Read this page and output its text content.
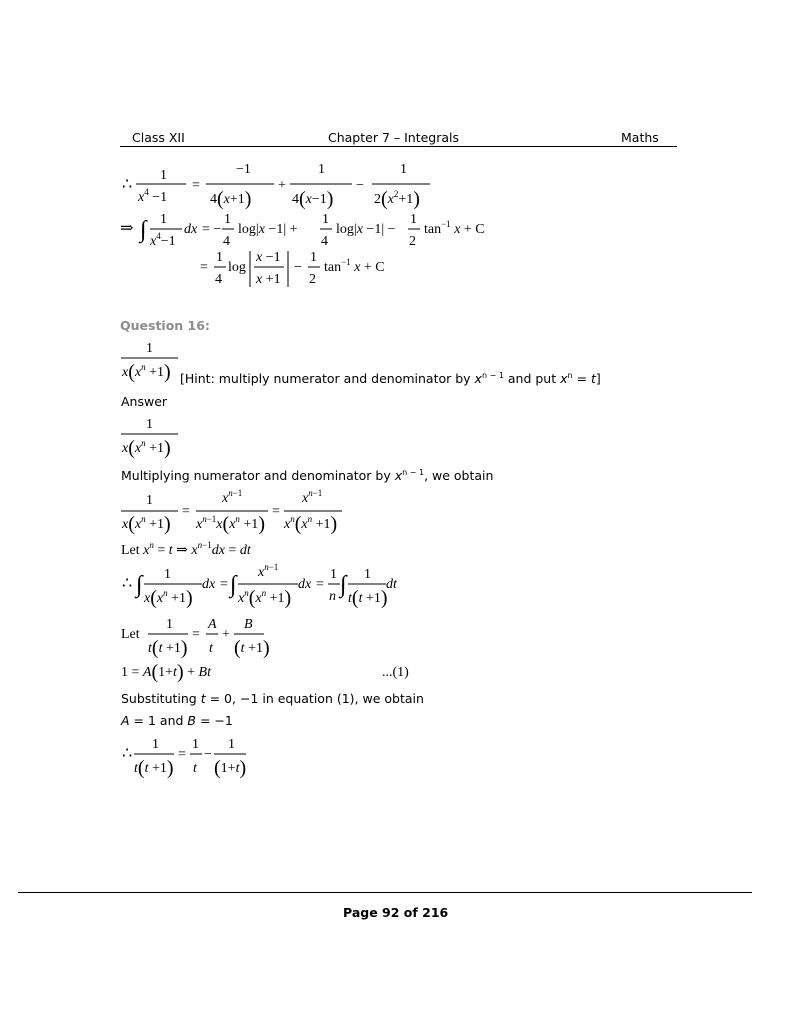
Class XII	Chapter 7 – Integrals	Maths
∴
1
$x^4 -1$
=
−1
4(x+1)
+
1
4(x−1)
−
1
$2(x^2+1)$
⇒ ∫ 1
$x^4-1$
dx = −
1
4
log|x −1| +
1
4
log|x −1| −
1
2
$\tan^{-1} x + C$
=
1
4
log
x −1
x +1
−
1
2
$\tan^{-1} x + C$
Question 16:
1
$x(x^n +1)$ [Hint: multiply numerator and denominator by $x^{n - 1}$ and put $x^n = t$]
Answer
1
$x(x^n +1)$
Multiplying numerator and denominator by $x^{n - 1}$, we obtain
1
$x(x^n +1)$
=
$x^n-1$
$x^n-1x(x^n +1)$
=
$x^n-1$
$x^n(x^n +1)$
Let $x^n = t$ ⇒ $x^n-1dx$ = dt
∴ ∫ 1
$x(x^n +1)$
dx = ∫ $x^n-1$
$x^n(x^n +1)$
dx =
1
n ∫ 1
t(t +1)
dt
Let
1
t(t +1)
=
A
t
+
B
(t +1)
1 = A(1+t) + Bt	...(1)
Substituting t = 0, −1 in equation (1), we obtain
A = 1 and B = −1
∴
1
t(t +1)
=
1
t
−
1
(1+t)
Page 92 of 216
